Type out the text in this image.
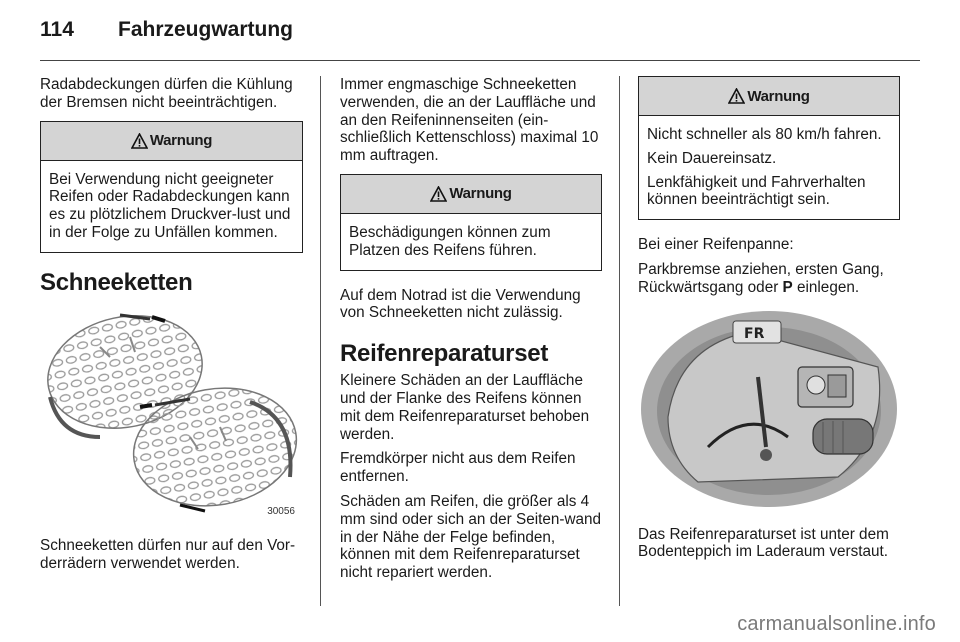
114 Fahrzeugwartung

Radabdeckungen dürfen die Kühlung der Bremsen nicht beeinträchtigen.

Warnung

Bei Verwendung nicht geeigneter Reifen oder Radabdeckungen kann es zu plötzlichem Druckver-lust und in der Folge zu Unfällen kommen.

Schneeketten
30056

Schneeketten dürfen nur auf den Vor-derrädern verwendet werden.

Immer engmaschige Schneeketten verwenden, die an der Lauffläche und an den Reifeninnenseiten (ein-schließlich Kettenschloss) maximal 10 mm auftragen.

Warnung

Beschädigungen können zum Platzen des Reifens führen.

Auf dem Notrad ist die Verwendung von Schneeketten nicht zulässig.

Reifenreparaturset

Kleinere Schäden an der Lauffläche und der Flanke des Reifens können mit dem Reifenreparaturset behoben werden.

Fremdkörper nicht aus dem Reifen entfernen.

Schäden am Reifen, die größer als 4 mm sind oder sich an der Seiten-wand in der Nähe der Felge befinden, können mit dem Reifenreparaturset nicht repariert werden.

Warnung

Nicht schneller als 80 km/h fahren.

Kein Dauereinsatz.

Lenkfähigkeit und Fahrverhalten können beeinträchtigt sein.

Bei einer Reifenpanne:

Parkbremse anziehen, ersten Gang, Rückwärtsgang oder P einlegen.

FR

Das Reifenreparaturset ist unter dem Bodenteppich im Laderaum verstaut.

carmanualsonline.info
